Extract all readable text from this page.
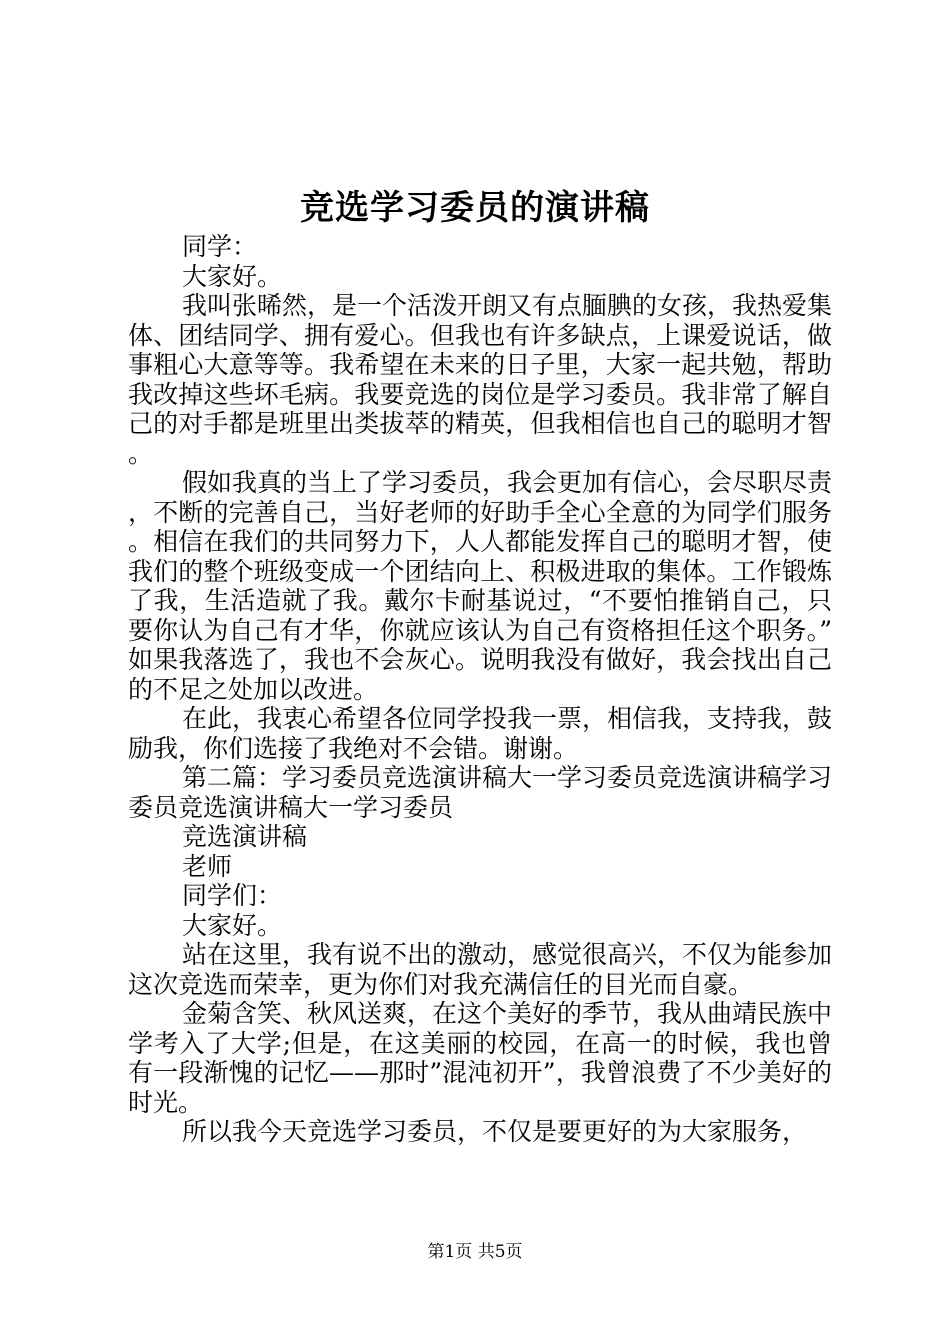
竞选学习委员的演讲稿

同学：

大家好。

我叫张晞然，是一个活泼开朗又有点腼腆的女孩，我热爱集体、团结同学、拥有爱心。但我也有许多缺点，上课爱说话，做事粗心大意等等。我希望在未来的日子里，大家一起共勉，帮助我改掉这些坏毛病。我要竞选的岗位是学习委员。我非常了解自己的对手都是班里出类拔萃的精英，但我相信也自己的聪明才智。

假如我真的当上了学习委员，我会更加有信心，会尽职尽责，不断的完善自己，当好老师的好助手全心全意的为同学们服务。相信在我们的共同努力下，人人都能发挥自己的聪明才智，使我们的整个班级变成一个团结向上、积极进取的集体。工作锻炼了我，生活造就了我。戴尔卡耐基说过，“不要怕推销自己，只要你认为自己有才华，你就应该认为自己有资格担任这个职务。”如果我落选了，我也不会灰心。说明我没有做好，我会找出自己的不足之处加以改进。

在此，我衷心希望各位同学投我一票，相信我，支持我，鼓励我，你们选接了我绝对不会错。谢谢。

第二篇：学习委员竞选演讲稿大一学习委员竞选演讲稿学习委员竞选演讲稿大一学习委员

竞选演讲稿

老师

同学们：

大家好。

站在这里，我有说不出的激动，感觉很高兴，不仅为能参加这次竞选而荣幸，更为你们对我充满信任的目光而自豪。

金菊含笑、秋风送爽，在这个美好的季节，我从曲靖民族中学考入了大学;但是，在这美丽的校园，在高一的时候，我也曾有一段渐愧的记忆——那时”混沌初开”，我曾浪费了不少美好的时光。

所以我今天竞选学习委员，不仅是要更好的为大家服务，

第1页 共5页
